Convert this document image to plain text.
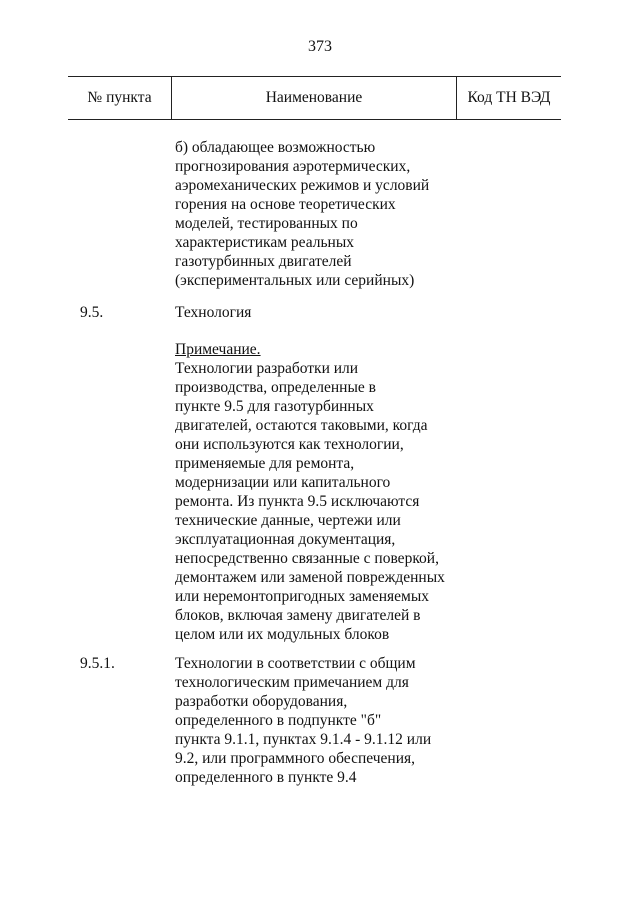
373
№ пункта	Наименование	Код ТН ВЭД
б) обладающее возможностью
прогнозирования аэротермических,
аэромеханических режимов и условий
горения на основе теоретических
моделей, тестированных по
характеристикам реальных
газотурбинных двигателей
(экспериментальных или серийных)
9.5.	Технология
Примечание.
Технологии разработки или
производства, определенные в
пункте 9.5 для газотурбинных
двигателей, остаются таковыми, когда
они используются как технологии,
применяемые для ремонта,
модернизации или капитального
ремонта. Из пункта 9.5 исключаются
технические данные, чертежи или
эксплуатационная документация,
непосредственно связанные с поверкой,
демонтажем или заменой поврежденных
или неремонтопригодных заменяемых
блоков, включая замену двигателей в
целом или их модульных блоков
9.5.1.	Технологии в соответствии с общим
технологическим примечанием для
разработки оборудования,
определенного в подпункте "б"
пункта 9.1.1, пунктах 9.1.4 - 9.1.12 или
9.2, или программного обеспечения,
определенного в пункте 9.4
